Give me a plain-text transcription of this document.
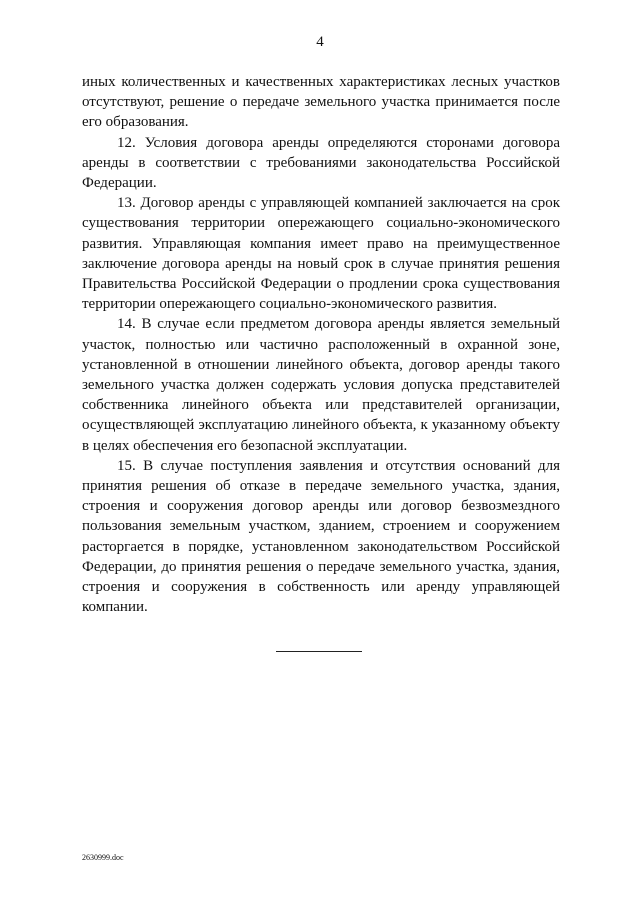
4

иных количественных и качественных характеристиках лесных участков отсутствуют, решение о передаче земельного участка принимается после его образования.

12. Условия договора аренды определяются сторонами договора аренды в соответствии с требованиями законодательства Российской Федерации.

13. Договор аренды с управляющей компанией заключается на срок существования территории опережающего социально-экономического развития. Управляющая компания имеет право на преимущественное заключение договора аренды на новый срок в случае принятия решения Правительства Российской Федерации о продлении срока существования территории опережающего социально-экономического развития.

14. В случае если предметом договора аренды является земельный участок, полностью или частично расположенный в охранной зоне, установленной в отношении линейного объекта, договор аренды такого земельного участка должен содержать условия допуска представителей собственника линейного объекта или представителей организации, осуществляющей эксплуатацию линейного объекта, к указанному объекту в целях обеспечения его безопасной эксплуатации.

15. В случае поступления заявления и отсутствия оснований для принятия решения об отказе в передаче земельного участка, здания, строения и сооружения договор аренды или договор безвозмездного пользования земельным участком, зданием, строением и сооружением расторгается в порядке, установленном законодательством Российской Федерации, до принятия решения о передаче земельного участка, здания, строения и сооружения в собственность или аренду управляющей компании.

2630999.doc
